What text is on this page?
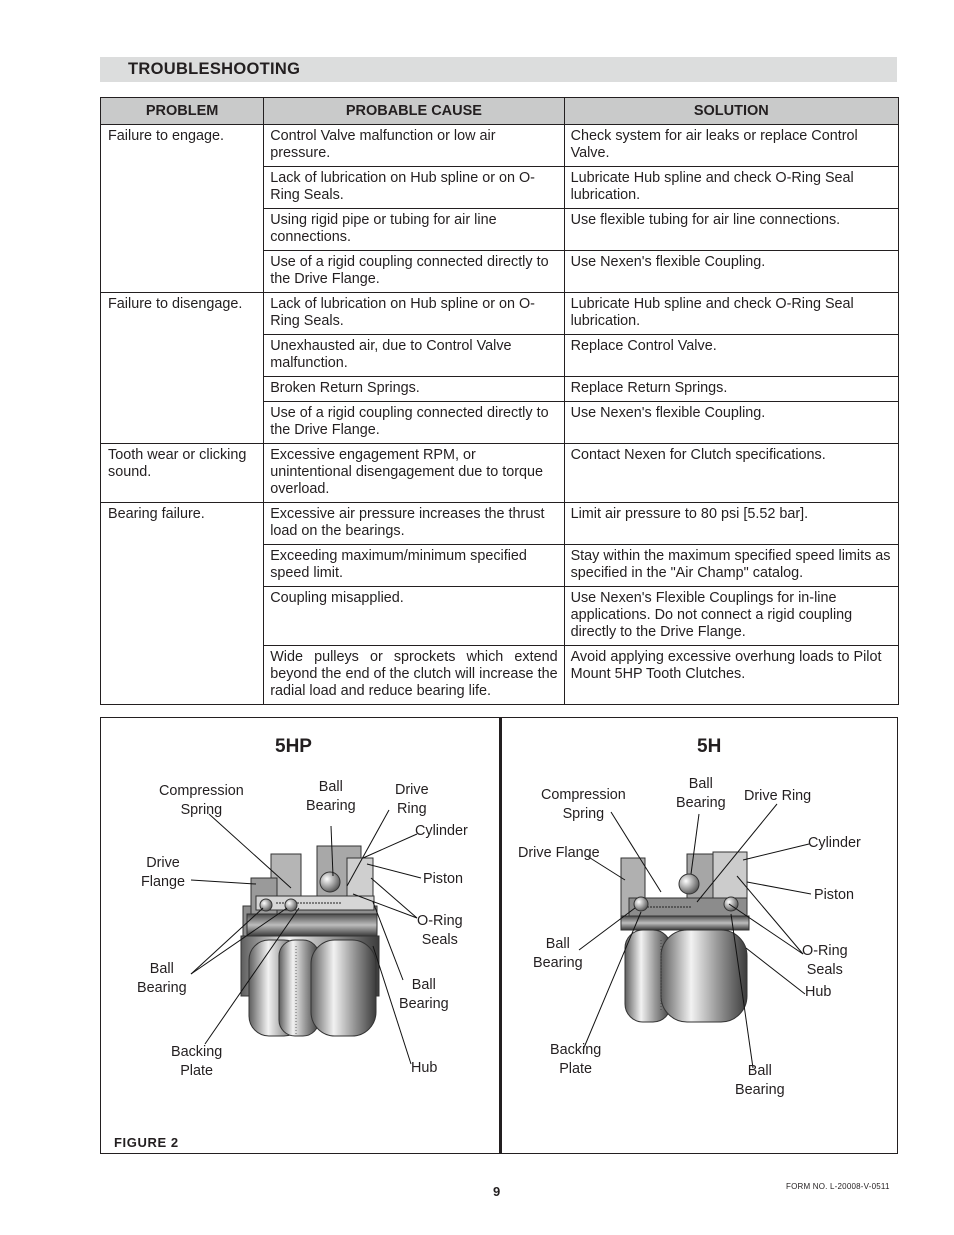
TROUBLESHOOTING
PROBLEM	PROBABLE CAUSE	SOLUTION
Failure to engage.	Control Valve malfunction or low air pressure.	Check system for air leaks or replace Control Valve.
	Lack of lubrication on Hub spline or on O-Ring Seals.	Lubricate Hub spline and check O-Ring Seal lubrication.
	Using rigid pipe or tubing for air line connections.	Use flexible tubing for air line connections.
	Use of a rigid coupling connected directly to the Drive Flange.	Use Nexen's flexible Coupling.
Failure to disengage.	Lack of lubrication on Hub spline or on O-Ring Seals.	Lubricate Hub spline and check O-Ring Seal lubrication.
	Unexhausted air, due to Control Valve malfunction.	Replace Control Valve.
	Broken Return Springs.	Replace Return Springs.
	Use of a rigid coupling connected directly to the Drive Flange.	Use Nexen's flexible Coupling.
Tooth wear or clicking sound.	Excessive engagement RPM, or unintentional disengagement due to torque overload.	Contact Nexen for Clutch specifications.
Bearing failure.	Excessive air pressure increases the thrust load on the bearings.	Limit air pressure to 80 psi [5.52 bar].
	Exceeding maximum/minimum specified speed limit.	Stay within the maximum specified speed limits as specified in the "Air Champ" catalog.
	Coupling misapplied.	Use Nexen's Flexible Couplings for in-line applications. Do not connect a rigid coupling directly to the Drive Flange.
	Wide pulleys or sprockets which extend beyond the end of the clutch will increase the radial load and reduce bearing life.	Avoid applying excessive overhung loads to Pilot Mount 5HP Tooth Clutches.
5HP
Compression
Spring
Ball
Bearing
Drive
Ring
Cylinder
Drive
Flange	Piston
O-Ring
Seals
Ball
Bearing	Ball
Bearing
Backing
Plate	Hub
5H
Compression
Spring
Ball
Bearing Drive Ring
Drive Flange
Cylinder
Piston
Ball
Bearing
O-Ring
Seals
Hub
Backing
Plate	Ball
Bearing
FIGURE 2
9	FORM NO. L-20008-V-0511
